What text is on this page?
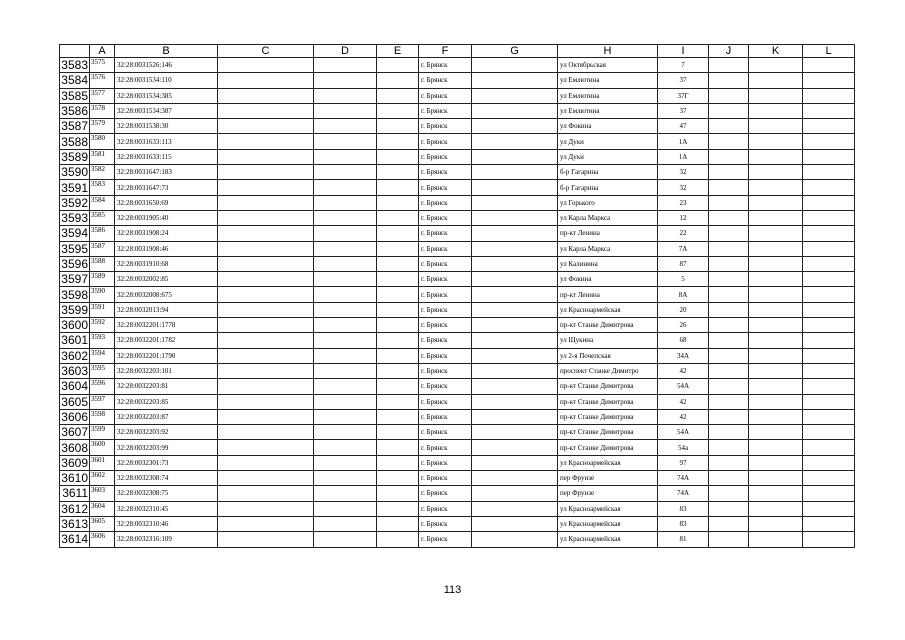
	A	B	C	D	E	F	G	H	I	J	K	L
3583	3575	32:28:0031526:146				г. Брянск		ул Октябрьская	7			
3584	3576	32:28:0031534:110				г. Брянск		ул Емлютина	37			
3585	3577	32:28:0031534:385				г. Брянск		ул Емлютина	37Г			
3586	3578	32:28:0031534:387				г. Брянск		ул Емлютина	37			
3587	3579	32:28:0031538:30				г. Брянск		ул Фокина	47			
3588	3580	32:28:0031633:113				г. Брянск		ул Дуки	1А			
3589	3581	32:28:0031633:115				г. Брянск		ул Дуки	1А			
3590	3582	32:28:0031647:183				г. Брянск		б-р Гагарина	32			
3591	3583	32:28:0031647:73				г. Брянск		б-р Гагарина	32			
3592	3584	32:28:0031650:69				г. Брянск		ул Горького	23			
3593	3585	32:28:0031905:40				г. Брянск		ул Карла Маркса	12			
3594	3586	32:28:0031908:24				г. Брянск		пр-кт Ленина	22			
3595	3587	32:28:0031908:46				г. Брянск		ул Карла Маркса	7А			
3596	3588	32:28:0031910:68				г. Брянск		ул Калинина	87			
3597	3589	32:28:0032002:85				г. Брянск		ул Фокина	5			
3598	3590	32:28:0032008:675				г. Брянск		пр-кт Ленина	8А			
3599	3591	32:28:0032013:94				г. Брянск		ул Красноармейская	20			
3600	3592	32:28:0032201:1778				г. Брянск		пр-кт Станке Димитрова	26			
3601	3593	32:28:0032201:1782				г. Брянск		ул Щукина	68			
3602	3594	32:28:0032201:1790				г. Брянск		ул 2-я Почепская	34А			
3603	3595	32:28:0032203:101				г. Брянск		проспект Станке Димитро	42			
3604	3596	32:28:0032203:81				г. Брянск		пр-кт Станке Димитрова	54А			
3605	3597	32:28:0032203:85				г. Брянск		пр-кт Станке Димитрова	42			
3606	3598	32:28:0032203:87				г. Брянск		пр-кт Станке Димитрова	42			
3607	3599	32:28:0032203:92				г. Брянск		пр-кт Станке Димитрова	54А			
3608	3600	32:28:0032203:99				г. Брянск		пр-кт Станке Димитрова	54а			
3609	3601	32:28:0032301:73				г. Брянск		ул Красноармейская	97			
3610	3602	32:28:0032308:74				г. Брянск		пер Фрунзе	74А			
3611	3603	32:28:0032308:75				г. Брянск		пер Фрунзе	74А			
3612	3604	32:28:0032310:45				г. Брянск		ул Красноармейская	83			
3613	3605	32:28:0032310:46				г. Брянск		ул Красноармейская	83			
3614	3606	32:28:0032316:109				г. Брянск		ул Красноармейская	81			
113
